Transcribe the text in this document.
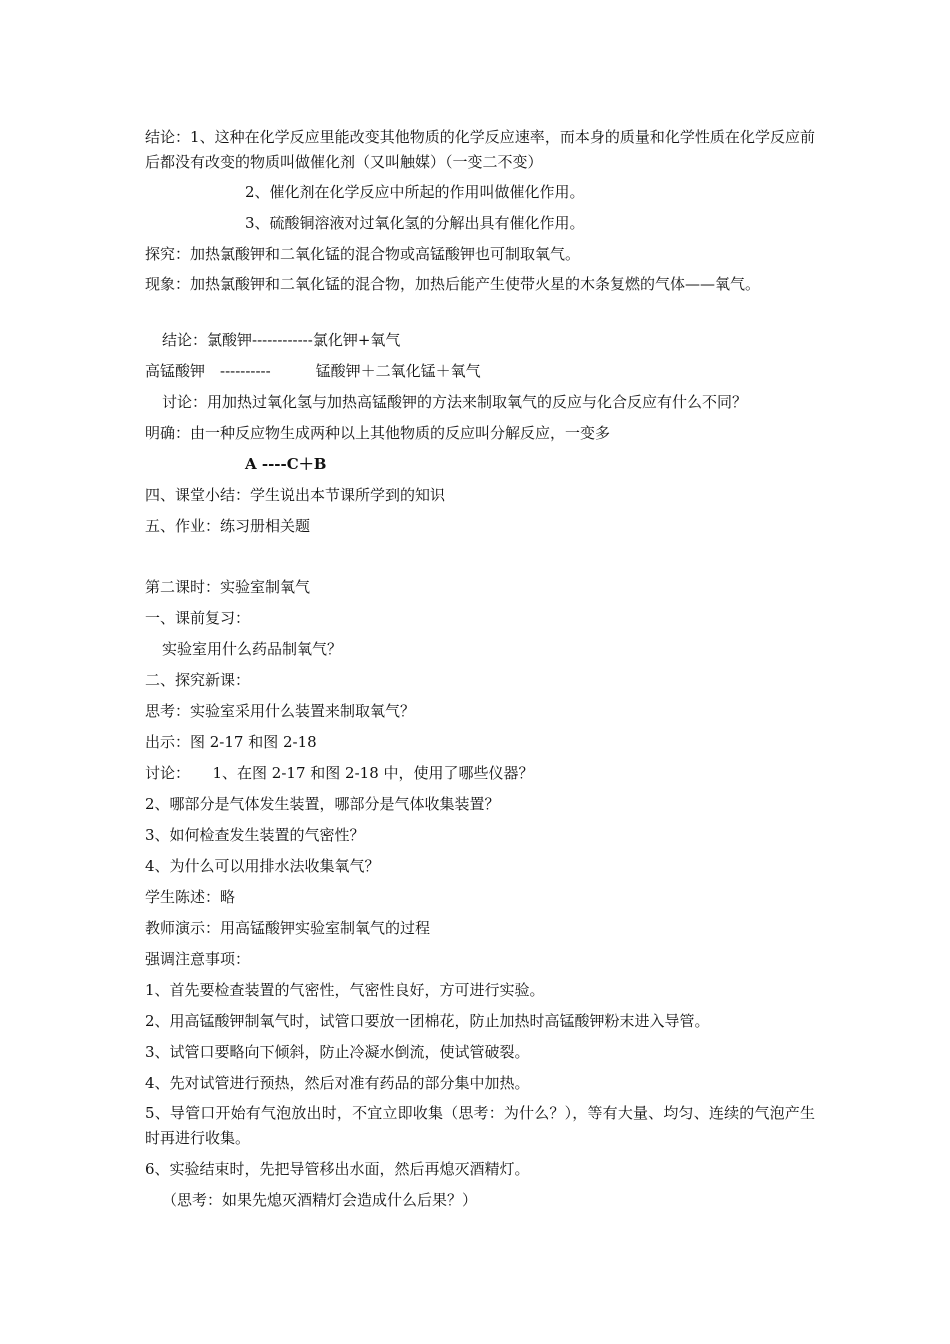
结论：1、这种在化学反应里能改变其他物质的化学反应速率，而本身的质量和化学性质在化学反应前后都没有改变的物质叫做催化剂（又叫触媒）（一变二不变）
2、催化剂在化学反应中所起的作用叫做催化作用。
3、硫酸铜溶液对过氧化氢的分解出具有催化作用。
探究：加热氯酸钾和二氧化锰的混合物或高锰酸钾也可制取氧气。
现象：加热氯酸钾和二氧化锰的混合物，加热后能产生使带火星的木条复燃的气体——氧气。
结论：氯酸钾------------氯化钾+氧气
高锰酸钾　----------　　　锰酸钾＋二氧化锰＋氧气
讨论：用加热过氧化氢与加热高锰酸钾的方法来制取氧气的反应与化合反应有什么不同？
明确：由一种反应物生成两种以上其他物质的反应叫分解反应，一变多
A ----C＋B
四、课堂小结：学生说出本节课所学到的知识
五、作业：练习册相关题
第二课时：实验室制氧气
一、课前复习：
实验室用什么药品制氧气？
二、探究新课：
思考：实验室采用什么装置来制取氧气？
出示：图 2-17 和图 2-18
讨论：　　1、在图 2-17 和图 2-18 中，使用了哪些仪器？
2、哪部分是气体发生装置，哪部分是气体收集装置？
3、如何检查发生装置的气密性？
4、为什么可以用排水法收集氧气？
学生陈述：略
教师演示：用高锰酸钾实验室制氧气的过程
强调注意事项：
1、首先要检查装置的气密性，气密性良好，方可进行实验。
2、用高锰酸钾制氧气时，试管口要放一团棉花，防止加热时高锰酸钾粉末进入导管。
3、试管口要略向下倾斜，防止冷凝水倒流，使试管破裂。
4、先对试管进行预热，然后对准有药品的部分集中加热。
5、导管口开始有气泡放出时，不宜立即收集（思考：为什么？），等有大量、均匀、连续的气泡产生时再进行收集。
6、实验结束时，先把导管移出水面，然后再熄灭酒精灯。
（思考：如果先熄灭酒精灯会造成什么后果？）
